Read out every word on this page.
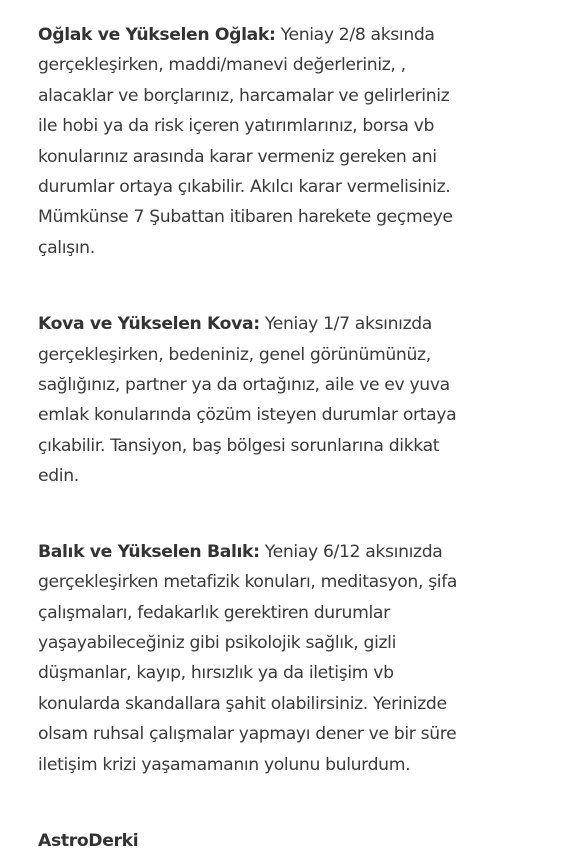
Oğlak ve Yükselen Oğlak: Yeniay 2/8 aksında
gerçekleşirken, maddi/manevi değerleriniz, ,
alacaklar ve borçlarınız, harcamalar ve gelirleriniz
ile hobi ya da risk içeren yatırımlarınız, borsa vb
konularınız arasında karar vermeniz gereken ani
durumlar ortaya çıkabilir. Akılcı karar vermelisiniz.
Mümkünse 7 Şubattan itibaren harekete geçmeye
çalışın.

Kova ve Yükselen Kova: Yeniay 1/7 aksınızda
gerçekleşirken, bedeniniz, genel görünümünüz,
sağlığınız, partner ya da ortağınız, aile ve ev yuva
emlak konularında çözüm isteyen durumlar ortaya
çıkabilir. Tansiyon, baş bölgesi sorunlarına dikkat
edin.

Balık ve Yükselen Balık: Yeniay 6/12 aksınızda
gerçekleşirken metafizik konuları, meditasyon, şifa
çalışmaları, fedakarlık gerektiren durumlar
yaşayabileceğiniz gibi psikolojik sağlık, gizli
düşmanlar, kayıp, hırsızlık ya da iletişim vb
konularda skandallara şahit olabilirsiniz. Yerinizde
olsam ruhsal çalışmalar yapmayı dener ve bir süre
iletişim krizi yaşamamanın yolunu bulurdum.

AstroDerki
